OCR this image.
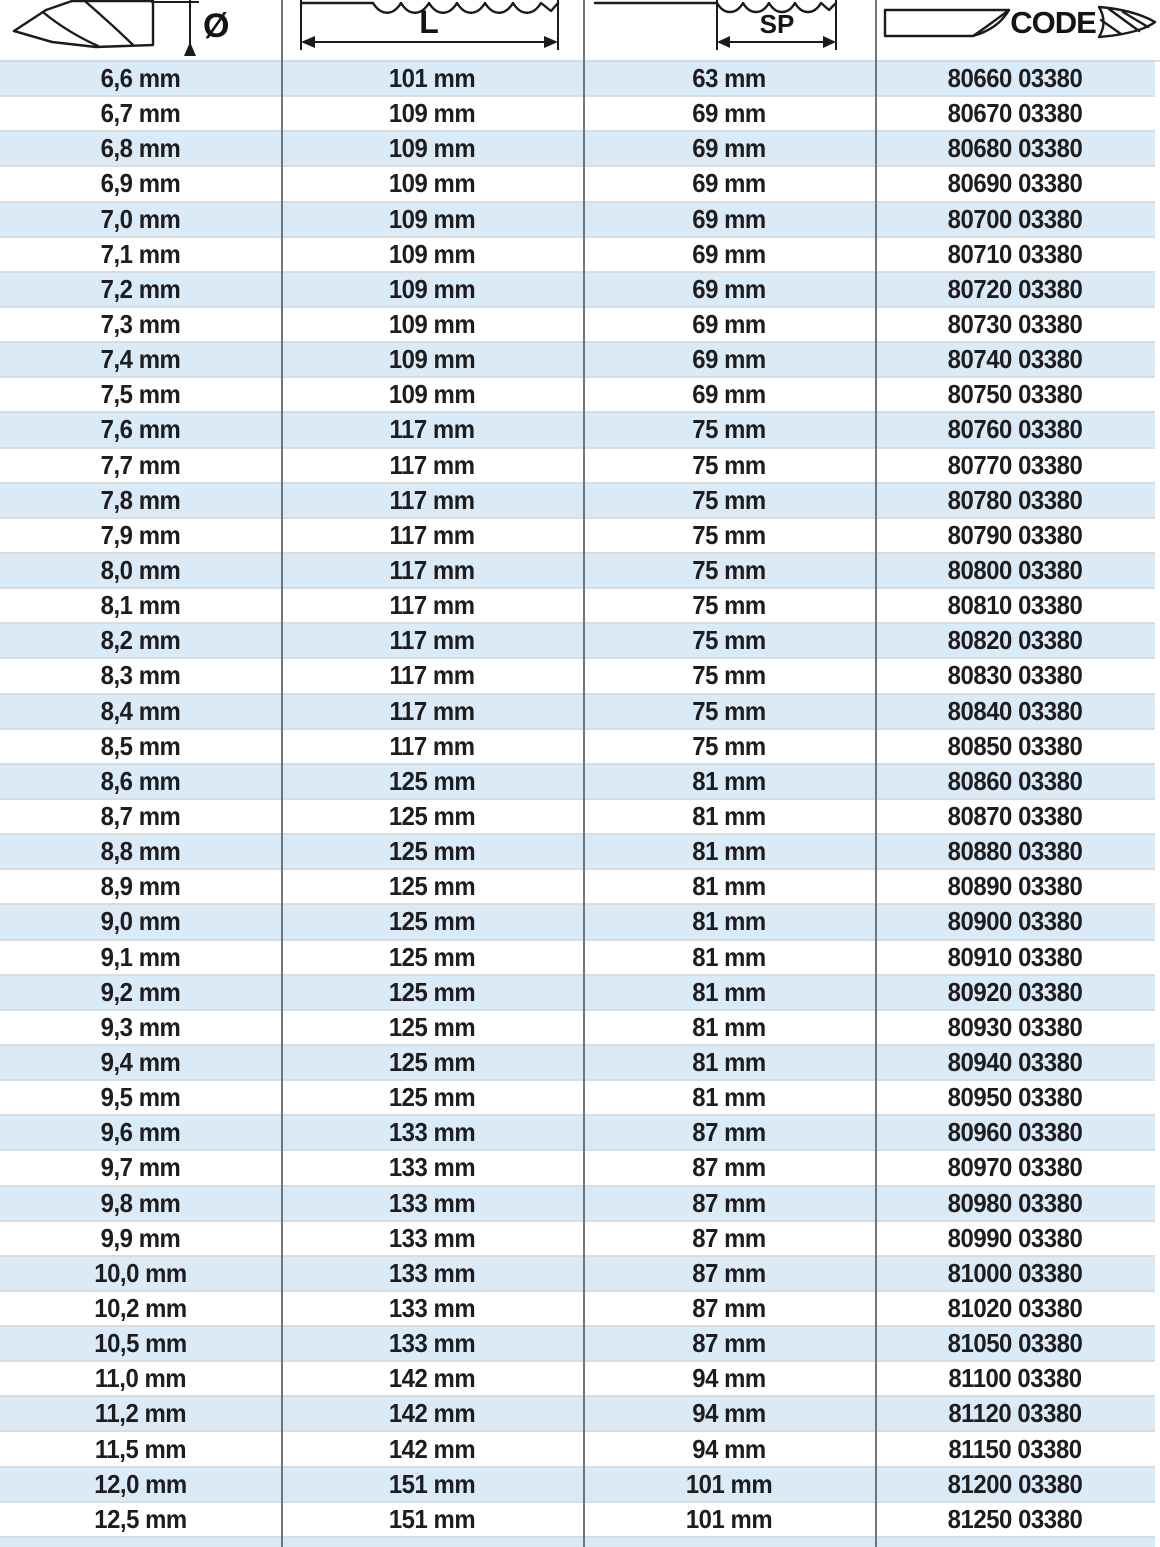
Ø	L	SP	CODE
6,6 mm	101 mm	63 mm	80660 03380
6,7 mm	109 mm	69 mm	80670 03380
6,8 mm	109 mm	69 mm	80680 03380
6,9 mm	109 mm	69 mm	80690 03380
7,0 mm	109 mm	69 mm	80700 03380
7,1 mm	109 mm	69 mm	80710 03380
7,2 mm	109 mm	69 mm	80720 03380
7,3 mm	109 mm	69 mm	80730 03380
7,4 mm	109 mm	69 mm	80740 03380
7,5 mm	109 mm	69 mm	80750 03380
7,6 mm	117 mm	75 mm	80760 03380
7,7 mm	117 mm	75 mm	80770 03380
7,8 mm	117 mm	75 mm	80780 03380
7,9 mm	117 mm	75 mm	80790 03380
8,0 mm	117 mm	75 mm	80800 03380
8,1 mm	117 mm	75 mm	80810 03380
8,2 mm	117 mm	75 mm	80820 03380
8,3 mm	117 mm	75 mm	80830 03380
8,4 mm	117 mm	75 mm	80840 03380
8,5 mm	117 mm	75 mm	80850 03380
8,6 mm	125 mm	81 mm	80860 03380
8,7 mm	125 mm	81 mm	80870 03380
8,8 mm	125 mm	81 mm	80880 03380
8,9 mm	125 mm	81 mm	80890 03380
9,0 mm	125 mm	81 mm	80900 03380
9,1 mm	125 mm	81 mm	80910 03380
9,2 mm	125 mm	81 mm	80920 03380
9,3 mm	125 mm	81 mm	80930 03380
9,4 mm	125 mm	81 mm	80940 03380
9,5 mm	125 mm	81 mm	80950 03380
9,6 mm	133 mm	87 mm	80960 03380
9,7 mm	133 mm	87 mm	80970 03380
9,8 mm	133 mm	87 mm	80980 03380
9,9 mm	133 mm	87 mm	80990 03380
10,0 mm	133 mm	87 mm	81000 03380
10,2 mm	133 mm	87 mm	81020 03380
10,5 mm	133 mm	87 mm	81050 03380
11,0 mm	142 mm	94 mm	81100 03380
11,2 mm	142 mm	94 mm	81120 03380
11,5 mm	142 mm	94 mm	81150 03380
12,0 mm	151 mm	101 mm	81200 03380
12,5 mm	151 mm	101 mm	81250 03380
